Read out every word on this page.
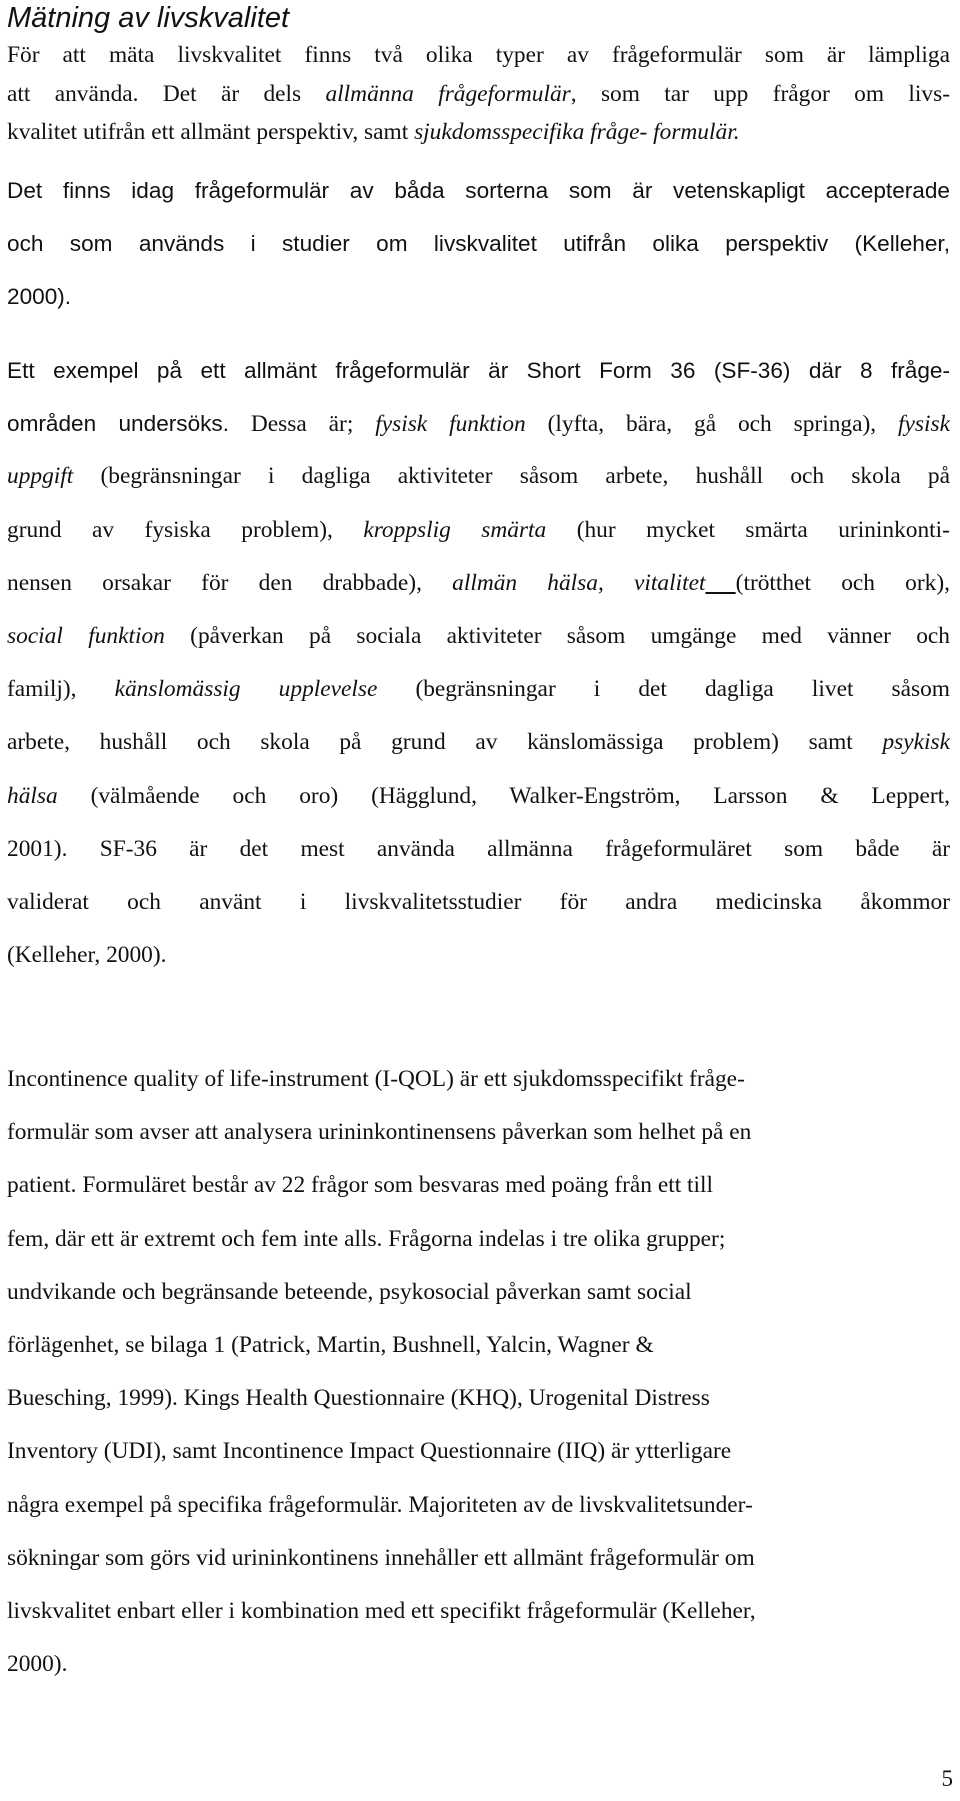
Mätning av livskvalitet

För att mäta livskvalitet finns två olika typer av frågeformulär som är lämpliga
att använda. Det är dels allmänna frågeformulär, som tar upp frågor om livs-
kvalitet utifrån ett allmänt perspektiv, samt sjukdomsspecifika fråge- formulär.

Det finns idag frågeformulär av båda sorterna som är vetenskapligt accepterade
och som används i studier om livskvalitet utifrån olika perspektiv (Kelleher,
2000).

Ett exempel på ett allmänt frågeformulär är Short Form 36 (SF-36) där 8 fråge-
områden undersöks. Dessa är; fysisk funktion (lyfta, bära, gå och springa), fysisk
uppgift (begränsningar i dagliga aktiviteter såsom arbete, hushåll och skola på
grund av fysiska problem), kroppslig smärta (hur mycket smärta urininkonti-
nensen orsakar för den drabbade), allmän hälsa, vitalitet (trötthet och ork),
social funktion (påverkan på sociala aktiviteter såsom umgänge med vänner och
familj), känslomässig upplevelse (begränsningar i det dagliga livet såsom
arbete, hushåll och skola på grund av känslomässiga problem) samt psykisk
hälsa (välmående och oro) (Hägglund, Walker-Engström, Larsson & Leppert,
2001). SF-36 är det mest använda allmänna frågeformuläret som både är
validerat och använt i livskvalitetsstudier för andra medicinska åkommor
(Kelleher, 2000).

Incontinence quality of life-instrument (I-QOL) är ett sjukdomsspecifikt fråge-
formulär som avser att analysera urininkontinensens påverkan som helhet på en
patient. Formuläret består av 22 frågor som besvaras med poäng från ett till
fem, där ett är extremt och fem inte alls. Frågorna indelas i tre olika grupper;
undvikande och begränsande beteende, psykosocial påverkan samt social
förlägenhet, se bilaga 1 (Patrick, Martin, Bushnell, Yalcin, Wagner &
Buesching, 1999). Kings Health Questionnaire (KHQ), Urogenital Distress
Inventory (UDI), samt Incontinence Impact Questionnaire (IIQ) är ytterligare
några exempel på specifika frågeformulär. Majoriteten av de livskvalitetsunder-
sökningar som görs vid urininkontinens innehåller ett allmänt frågeformulär om
livskvalitet enbart eller i kombination med ett specifikt frågeformulär (Kelleher,
2000).

5
